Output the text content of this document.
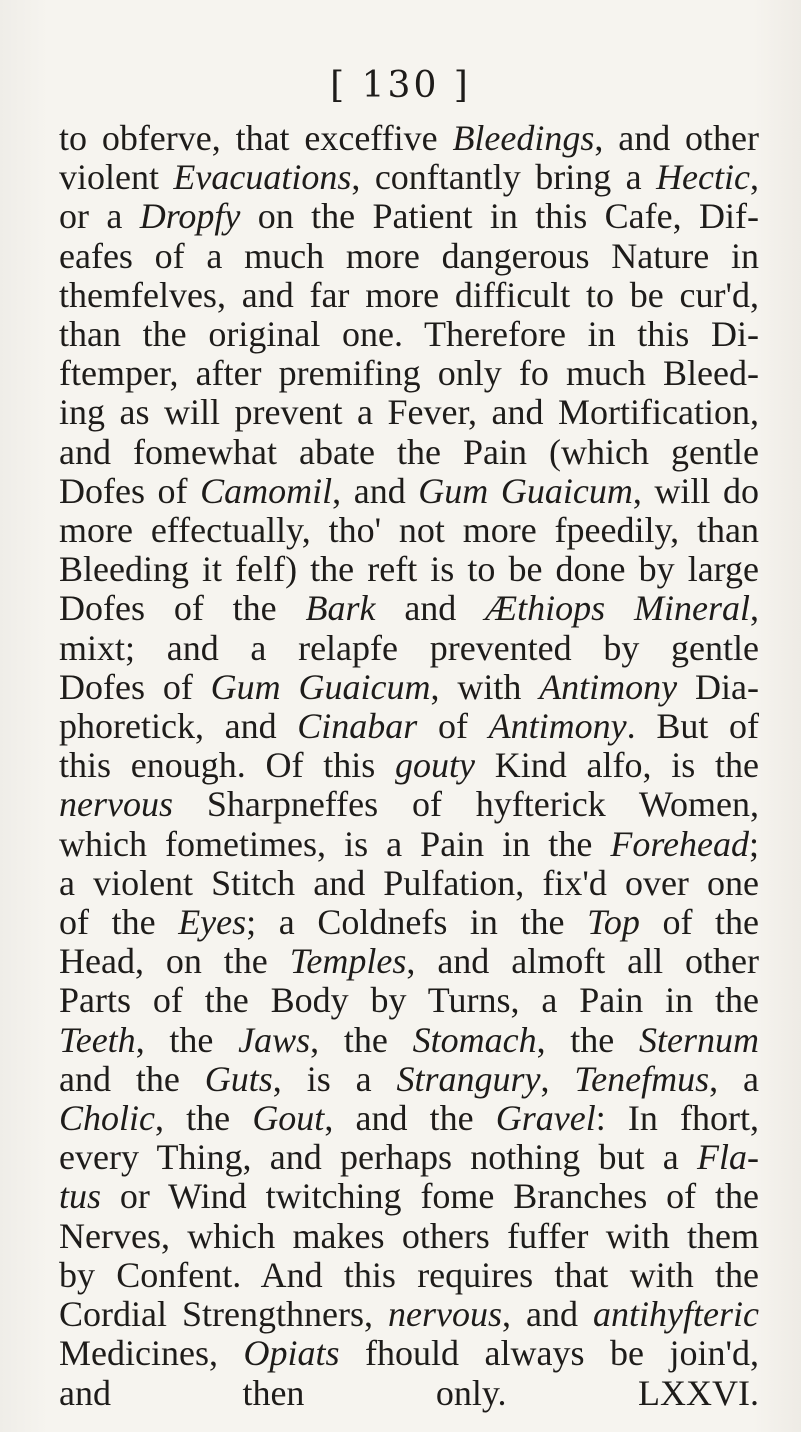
[ 130 ]
to obferve, that exceffive Bleedings, and other
violent Evacuations, conftantly bring a Hectic,
or a Dropfy on the Patient in this Cafe, Dif-
eafes of a much more dangerous Nature in
themfelves, and far more difficult to be cur'd,
than the original one. Therefore in this Di-
ftemper, after premifing only fo much Bleed-
ing as will prevent a Fever, and Mortification,
and fomewhat abate the Pain (which gentle
Dofes of Camomil, and Gum Guaicum, will do
more effectually, tho' not more fpeedily, than
Bleeding it felf) the reft is to be done by large
Dofes of the Bark and Æthiops Mineral,
mixt; and a relapfe prevented by gentle
Dofes of Gum Guaicum, with Antimony Dia-
phoretick, and Cinabar of Antimony. But of
this enough. Of this gouty Kind alfo, is the
nervous Sharpneffes of hyfterick Women,
which fometimes, is a Pain in the Forehead;
a violent Stitch and Pulfation, fix'd over one
of the Eyes; a Coldnefs in the Top of the
Head, on the Temples, and almoft all other
Parts of the Body by Turns, a Pain in the
Teeth, the Jaws, the Stomach, the Sternum
and the Guts, is a Strangury, Tenefmus, a
Cholic, the Gout, and the Gravel: In fhort,
every Thing, and perhaps nothing but a Fla-
tus or Wind twitching fome Branches of the
Nerves, which makes others fuffer with them
by Confent. And this requires that with the
Cordial Strengthners, nervous, and antihyfteric
Medicines, Opiats fhould always be join'd,
and then only. LXXVI.
